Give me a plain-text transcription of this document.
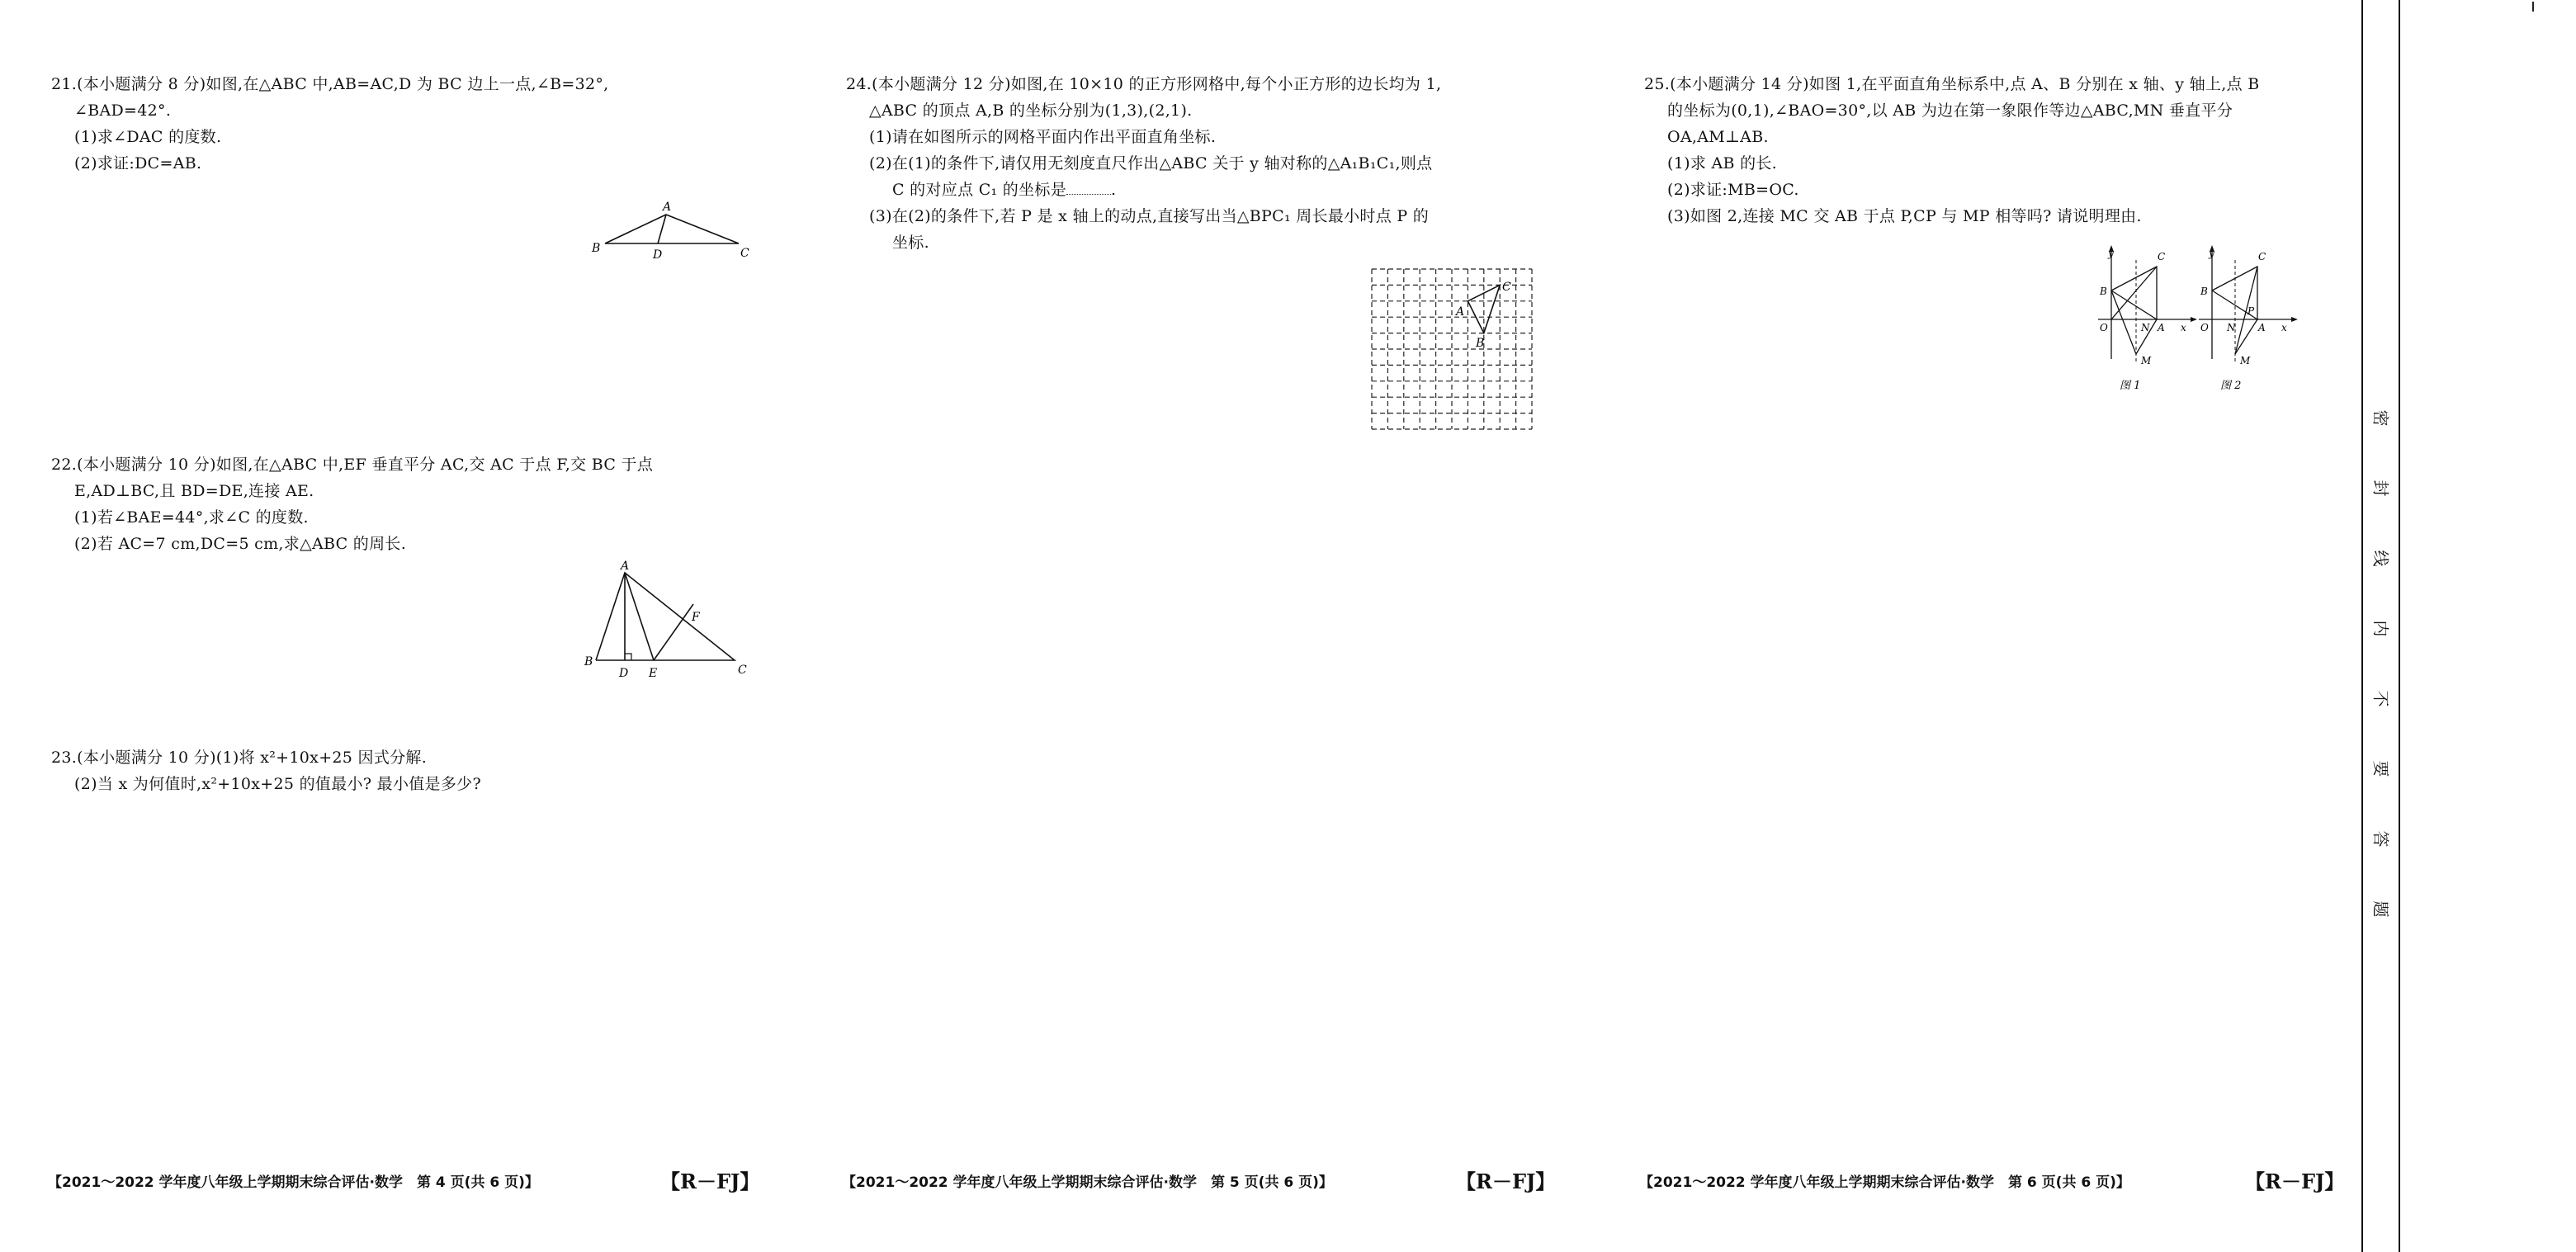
21.(本小题满分 8 分)如图,在△ABC 中,AB=AC,D 为 BC 边上一点,∠B=32°,
∠BAD=42°.
(1)求∠DAC 的度数.
(2)求证:DC=AB.
A
B	D	C
22.(本小题满分 10 分)如图,在△ABC 中,EF 垂直平分 AC,交 AC 于点 F,交 BC 于点
E,AD⊥BC,且 BD=DE,连接 AE.
(1)若∠BAE=44°,求∠C 的度数.
(2)若 AC=7 cm,DC=5 cm,求△ABC 的周长.
A
B
D E
F
C
23.(本小题满分 10 分)(1)将 x²+10x+25 因式分解.
(2)当 x 为何值时,x²+10x+25 的值最小? 最小值是多少?
【2021～2022 学年度八年级上学期期末综合评估·数学　第 4 页(共 6 页)】	【R－FJ】
24.(本小题满分 12 分)如图,在 10×10 的正方形网格中,每个小正方形的边长均为 1,
△ABC 的顶点 A,B 的坐标分别为(1,3),(2,1).
(1)请在如图所示的网格平面内作出平面直角坐标.
(2)在(1)的条件下,请仅用无刻度直尺作出△ABC 关于 y 轴对称的△A₁B₁C₁,则点
C 的对应点 C₁ 的坐标是	.
(3)在(2)的条件下,若 P 是 x 轴上的动点,直接写出当△BPC₁ 周长最小时点 P 的
坐标.
A
B
C
【2021～2022 学年度八年级上学期期末综合评估·数学　第 5 页(共 6 页)】	【R－FJ】
25.(本小题满分 14 分)如图 1,在平面直角坐标系中,点 A、B 分别在 x 轴、y 轴上,点 B
的坐标为(0,1),∠BAO=30°,以 AB 为边在第一象限作等边△ABC,MN 垂直平分
OA,AM⊥AB.
(1)求 AB 的长.
(2)求证:MB=OC.
(3)如图 2,连接 MC 交 AB 于点 P,CP 与 MP 相等吗? 请说明理由.
y	C
B
O	N A x
M
图 1
y	C
B
P
O N A x
M
图 2
【2021～2022 学年度八年级上学期期末综合评估·数学　第 6 页(共 6 页)】	【R－FJ】
密
封
线
内
不
要
答
题
